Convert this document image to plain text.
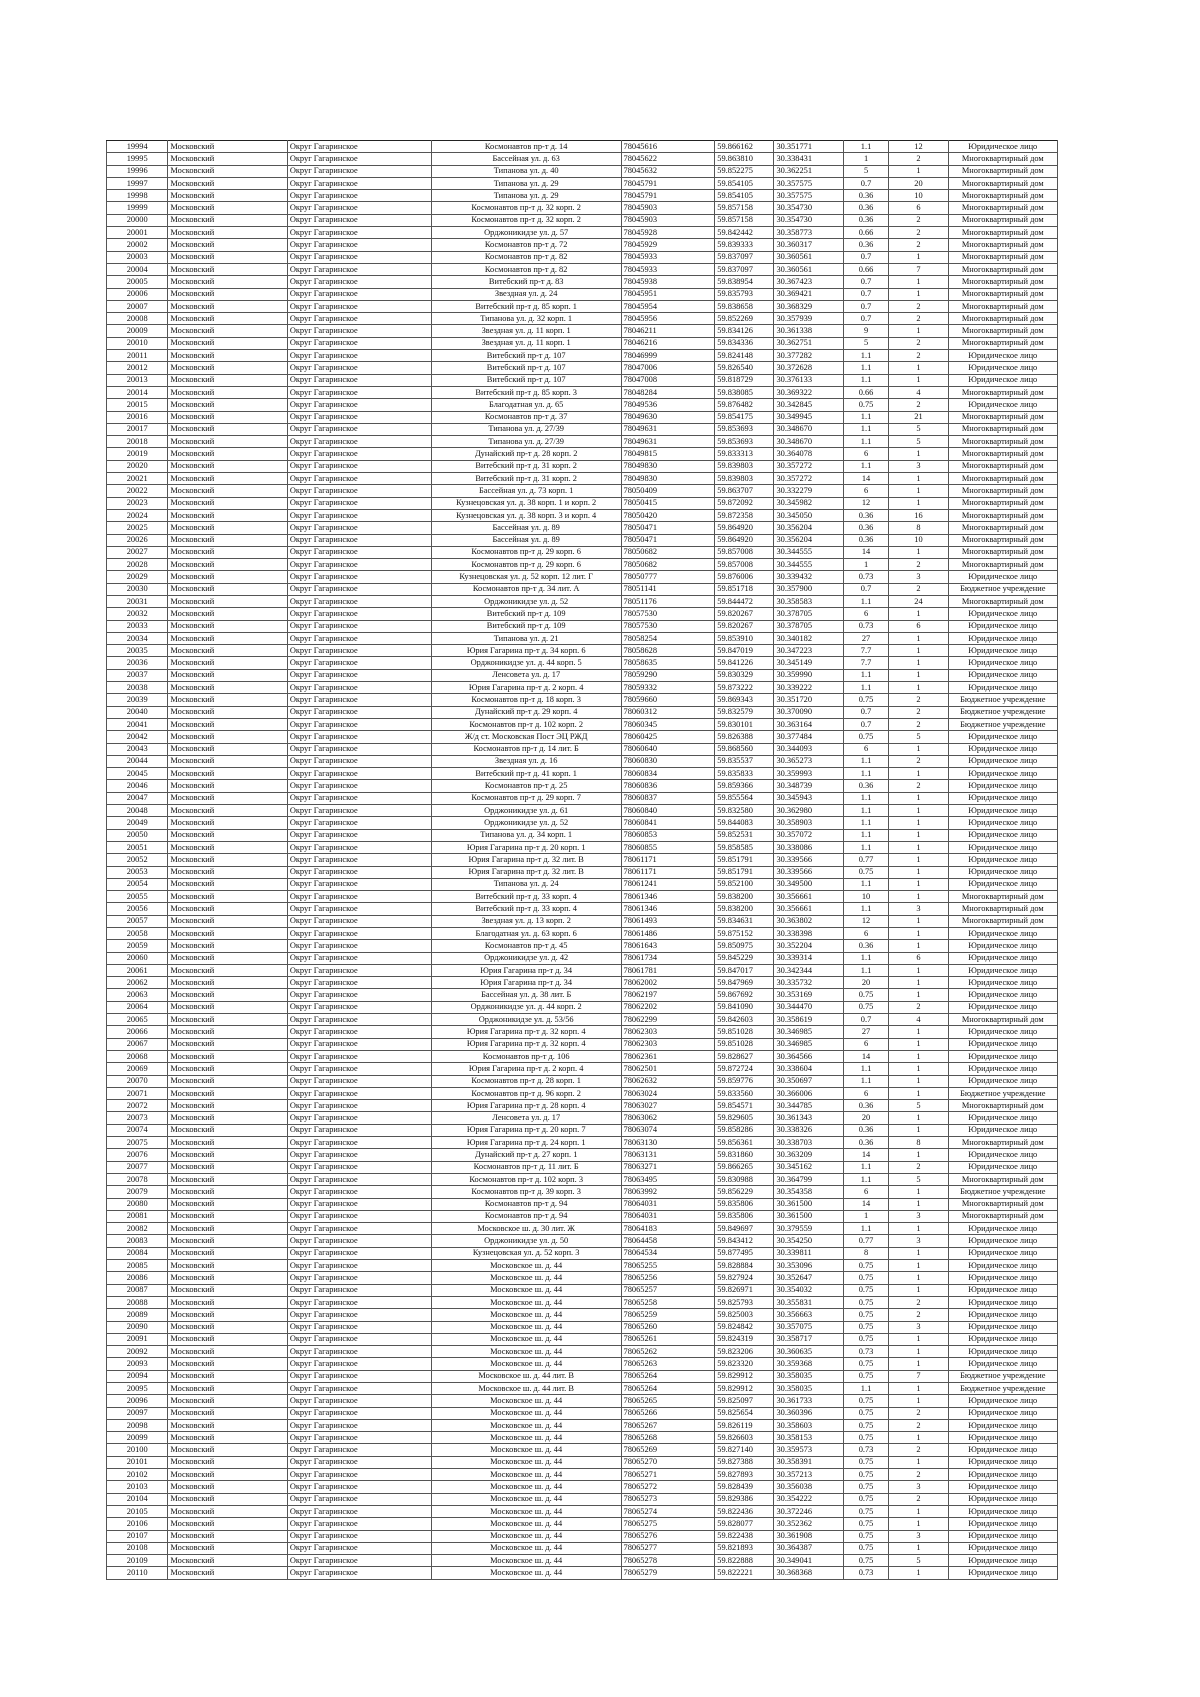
19994	Московский	Округ Гагаринское	Космонавтов пр-т д. 14	78045616	59.866162	30.351771	1.1	12	Юридическое лицо
19995	Московский	Округ Гагаринское	Бассейная ул. д. 63	78045622	59.863810	30.338431	1	2	Многоквартирный дом
19996	Московский	Округ Гагаринское	Типанова ул. д. 40	78045632	59.852275	30.362251	5	1	Многоквартирный дом
19997	Московский	Округ Гагаринское	Типанова ул. д. 29	78045791	59.854105	30.357575	0.7	20	Многоквартирный дом
19998	Московский	Округ Гагаринское	Типанова ул. д. 29	78045791	59.854105	30.357575	0.36	10	Многоквартирный дом
19999	Московский	Округ Гагаринское	Космонавтов пр-т д. 32 корп. 2	78045903	59.857158	30.354730	0.36	6	Многоквартирный дом
20000	Московский	Округ Гагаринское	Космонавтов пр-т д. 32 корп. 2	78045903	59.857158	30.354730	0.36	2	Многоквартирный дом
20001	Московский	Округ Гагаринское	Орджоникидзе ул. д. 57	78045928	59.842442	30.358773	0.66	2	Многоквартирный дом
20002	Московский	Округ Гагаринское	Космонавтов пр-т д. 72	78045929	59.839333	30.360317	0.36	2	Многоквартирный дом
20003	Московский	Округ Гагаринское	Космонавтов пр-т д. 82	78045933	59.837097	30.360561	0.7	1	Многоквартирный дом
20004	Московский	Округ Гагаринское	Космонавтов пр-т д. 82	78045933	59.837097	30.360561	0.66	7	Многоквартирный дом
20005	Московский	Округ Гагаринское	Витебский пр-т д. 83	78045938	59.838954	30.367423	0.7	1	Многоквартирный дом
20006	Московский	Округ Гагаринское	Звездная ул. д. 24	78045951	59.835793	30.369421	0.7	1	Многоквартирный дом
20007	Московский	Округ Гагаринское	Витебский пр-т д. 85 корп. 1	78045954	59.838658	30.368329	0.7	2	Многоквартирный дом
20008	Московский	Округ Гагаринское	Типанова ул. д. 32 корп. 1	78045956	59.852269	30.357939	0.7	2	Многоквартирный дом
20009	Московский	Округ Гагаринское	Звездная ул. д. 11 корп. 1	78046211	59.834126	30.361338	9	1	Многоквартирный дом
20010	Московский	Округ Гагаринское	Звездная ул. д. 11 корп. 1	78046216	59.834336	30.362751	5	2	Многоквартирный дом
20011	Московский	Округ Гагаринское	Витебский пр-т д. 107	78046999	59.824148	30.377282	1.1	2	Юридическое лицо
20012	Московский	Округ Гагаринское	Витебский пр-т д. 107	78047006	59.826540	30.372628	1.1	1	Юридическое лицо
20013	Московский	Округ Гагаринское	Витебский пр-т д. 107	78047008	59.818729	30.376133	1.1	1	Юридическое лицо
20014	Московский	Округ Гагаринское	Витебский пр-т д. 85 корп. 3	78048284	59.838085	30.369322	0.66	4	Многоквартирный дом
20015	Московский	Округ Гагаринское	Благодатная ул. д. 65	78049536	59.876482	30.342845	0.75	2	Юридическое лицо
20016	Московский	Округ Гагаринское	Космонавтов пр-т д. 37	78049630	59.854175	30.349945	1.1	21	Многоквартирный дом
20017	Московский	Округ Гагаринское	Типанова ул. д. 27/39	78049631	59.853693	30.348670	1.1	5	Многоквартирный дом
20018	Московский	Округ Гагаринское	Типанова ул. д. 27/39	78049631	59.853693	30.348670	1.1	5	Многоквартирный дом
20019	Московский	Округ Гагаринское	Дунайский пр-т д. 28 корп. 2	78049815	59.833313	30.364078	6	1	Многоквартирный дом
20020	Московский	Округ Гагаринское	Витебский пр-т д. 31 корп. 2	78049830	59.839803	30.357272	1.1	3	Многоквартирный дом
20021	Московский	Округ Гагаринское	Витебский пр-т д. 31 корп. 2	78049830	59.839803	30.357272	14	1	Многоквартирный дом
20022	Московский	Округ Гагаринское	Бассейная ул. д. 73 корп. 1	78050409	59.863707	30.332279	6	1	Многоквартирный дом
20023	Московский	Округ Гагаринское	Кузнецовская ул. д. 38 корп. 1 и корп. 2	78050415	59.872092	30.345982	12	1	Многоквартирный дом
20024	Московский	Округ Гагаринское	Кузнецовская ул. д. 38 корп. 3 и корп. 4	78050420	59.872358	30.345050	0.36	16	Многоквартирный дом
20025	Московский	Округ Гагаринское	Бассейная ул. д. 89	78050471	59.864920	30.356204	0.36	8	Многоквартирный дом
20026	Московский	Округ Гагаринское	Бассейная ул. д. 89	78050471	59.864920	30.356204	0.36	10	Многоквартирный дом
20027	Московский	Округ Гагаринское	Космонавтов пр-т д. 29 корп. 6	78050682	59.857008	30.344555	14	1	Многоквартирный дом
20028	Московский	Округ Гагаринское	Космонавтов пр-т д. 29 корп. 6	78050682	59.857008	30.344555	1	2	Многоквартирный дом
20029	Московский	Округ Гагаринское	Кузнецовская ул. д. 52 корп. 12 лит. Г	78050777	59.876006	30.339432	0.73	3	Юридическое лицо
20030	Московский	Округ Гагаринское	Космонавтов пр-т д. 34 лит. А	78051141	59.851718	30.357900	0.7	2	Бюджетное учреждение
20031	Московский	Округ Гагаринское	Орджоникидзе ул. д. 52	78051176	59.844472	30.358583	1.1	24	Многоквартирный дом
20032	Московский	Округ Гагаринское	Витебский пр-т д. 109	78057530	59.820267	30.378705	6	1	Юридическое лицо
20033	Московский	Округ Гагаринское	Витебский пр-т д. 109	78057530	59.820267	30.378705	0.73	6	Юридическое лицо
20034	Московский	Округ Гагаринское	Типанова ул. д. 21	78058254	59.853910	30.340182	27	1	Юридическое лицо
20035	Московский	Округ Гагаринское	Юрия Гагарина пр-т д. 34 корп. 6	78058628	59.847019	30.347223	7.7	1	Юридическое лицо
20036	Московский	Округ Гагаринское	Орджоникидзе ул. д. 44 корп. 5	78058635	59.841226	30.345149	7.7	1	Юридическое лицо
20037	Московский	Округ Гагаринское	Ленсовета ул. д. 17	78059290	59.830329	30.359990	1.1	1	Юридическое лицо
20038	Московский	Округ Гагаринское	Юрия Гагарина пр-т д. 2 корп. 4	78059332	59.873222	30.339222	1.1	1	Юридическое лицо
20039	Московский	Округ Гагаринское	Космонавтов пр-т д. 18 корп. 3	78059660	59.869343	30.351720	0.75	2	Бюджетное учреждение
20040	Московский	Округ Гагаринское	Дунайский пр-т д. 29 корп. 4	78060312	59.832579	30.370090	0.7	2	Бюджетное учреждение
20041	Московский	Округ Гагаринское	Космонавтов пр-т д. 102 корп. 2	78060345	59.830101	30.363164	0.7	2	Бюджетное учреждение
20042	Московский	Округ Гагаринское	Ж/д ст. Московская Пост ЭЦ РЖД	78060425	59.826388	30.377484	0.75	5	Юридическое лицо
20043	Московский	Округ Гагаринское	Космонавтов пр-т д. 14 лит. Б	78060640	59.868560	30.344093	6	1	Юридическое лицо
20044	Московский	Округ Гагаринское	Звездная ул. д. 16	78060830	59.835537	30.365273	1.1	2	Юридическое лицо
20045	Московский	Округ Гагаринское	Витебский пр-т д. 41 корп. 1	78060834	59.835833	30.359993	1.1	1	Юридическое лицо
20046	Московский	Округ Гагаринское	Космонавтов пр-т д. 25	78060836	59.859366	30.348739	0.36	2	Юридическое лицо
20047	Московский	Округ Гагаринское	Космонавтов пр-т д. 29 корп. 7	78060837	59.855564	30.345943	1.1	1	Юридическое лицо
20048	Московский	Округ Гагаринское	Орджоникидзе ул. д. 61	78060840	59.832580	30.362980	1.1	1	Юридическое лицо
20049	Московский	Округ Гагаринское	Орджоникидзе ул. д. 52	78060841	59.844083	30.358903	1.1	1	Юридическое лицо
20050	Московский	Округ Гагаринское	Типанова ул. д. 34 корп. 1	78060853	59.852531	30.357072	1.1	1	Юридическое лицо
20051	Московский	Округ Гагаринское	Юрия Гагарина пр-т д. 20 корп. 1	78060855	59.858585	30.338086	1.1	1	Юридическое лицо
20052	Московский	Округ Гагаринское	Юрия Гагарина пр-т д. 32 лит. В	78061171	59.851791	30.339566	0.77	1	Юридическое лицо
20053	Московский	Округ Гагаринское	Юрия Гагарина пр-т д. 32 лит. В	78061171	59.851791	30.339566	0.75	1	Юридическое лицо
20054	Московский	Округ Гагаринское	Типанова ул. д. 24	78061241	59.852100	30.349500	1.1	1	Юридическое лицо
20055	Московский	Округ Гагаринское	Витебский пр-т д. 33 корп. 4	78061346	59.838200	30.356661	10	1	Многоквартирный дом
20056	Московский	Округ Гагаринское	Витебский пр-т д. 33 корп. 4	78061346	59.838200	30.356661	1.1	3	Многоквартирный дом
20057	Московский	Округ Гагаринское	Звездная ул. д. 13 корп. 2	78061493	59.834631	30.363802	12	1	Многоквартирный дом
20058	Московский	Округ Гагаринское	Благодатная ул. д. 63 корп. 6	78061486	59.875152	30.338398	6	1	Юридическое лицо
20059	Московский	Округ Гагаринское	Космонавтов пр-т д. 45	78061643	59.850975	30.352204	0.36	1	Юридическое лицо
20060	Московский	Округ Гагаринское	Орджоникидзе ул. д. 42	78061734	59.845229	30.339314	1.1	6	Юридическое лицо
20061	Московский	Округ Гагаринское	Юрия Гагарина пр-т д. 34	78061781	59.847017	30.342344	1.1	1	Юридическое лицо
20062	Московский	Округ Гагаринское	Юрия Гагарина пр-т д. 34	78062002	59.847969	30.335732	20	1	Юридическое лицо
20063	Московский	Округ Гагаринское	Бассейная ул. д. 38 лит. Б	78062197	59.867692	30.353169	0.75	1	Юридическое лицо
20064	Московский	Округ Гагаринское	Орджоникидзе ул. д. 44 корп. 2	78062202	59.841090	30.344470	0.75	2	Юридическое лицо
20065	Московский	Округ Гагаринское	Орджоникидзе ул. д. 53/56	78062299	59.842603	30.358619	0.7	4	Многоквартирный дом
20066	Московский	Округ Гагаринское	Юрия Гагарина пр-т д. 32 корп. 4	78062303	59.851028	30.346985	27	1	Юридическое лицо
20067	Московский	Округ Гагаринское	Юрия Гагарина пр-т д. 32 корп. 4	78062303	59.851028	30.346985	6	1	Юридическое лицо
20068	Московский	Округ Гагаринское	Космонавтов пр-т д. 106	78062361	59.828627	30.364566	14	1	Юридическое лицо
20069	Московский	Округ Гагаринское	Юрия Гагарина пр-т д. 2 корп. 4	78062501	59.872724	30.338604	1.1	1	Юридическое лицо
20070	Московский	Округ Гагаринское	Космонавтов пр-т д. 28 корп. 1	78062632	59.859776	30.350697	1.1	1	Юридическое лицо
20071	Московский	Округ Гагаринское	Космонавтов пр-т д. 96 корп. 2	78063024	59.833560	30.366006	6	1	Бюджетное учреждение
20072	Московский	Округ Гагаринское	Юрия Гагарина пр-т д. 28 корп. 4	78063027	59.854571	30.344785	0.36	5	Многоквартирный дом
20073	Московский	Округ Гагаринское	Ленсовета ул. д. 17	78063062	59.829605	30.361343	20	1	Юридическое лицо
20074	Московский	Округ Гагаринское	Юрия Гагарина пр-т д. 20 корп. 7	78063074	59.858286	30.338326	0.36	1	Юридическое лицо
20075	Московский	Округ Гагаринское	Юрия Гагарина пр-т д. 24 корп. 1	78063130	59.856361	30.338703	0.36	8	Многоквартирный дом
20076	Московский	Округ Гагаринское	Дунайский пр-т д. 27 корп. 1	78063131	59.831860	30.363209	14	1	Юридическое лицо
20077	Московский	Округ Гагаринское	Космонавтов пр-т д. 11 лит. Б	78063271	59.866265	30.345162	1.1	2	Юридическое лицо
20078	Московский	Округ Гагаринское	Космонавтов пр-т д. 102 корп. 3	78063495	59.830988	30.364799	1.1	5	Многоквартирный дом
20079	Московский	Округ Гагаринское	Космонавтов пр-т д. 39 корп. 3	78063992	59.856229	30.354358	6	1	Бюджетное учреждение
20080	Московский	Округ Гагаринское	Космонавтов пр-т д. 94	78064031	59.835806	30.361500	14	1	Многоквартирный дом
20081	Московский	Округ Гагаринское	Космонавтов пр-т д. 94	78064031	59.835806	30.361500	1	3	Многоквартирный дом
20082	Московский	Округ Гагаринское	Московское ш. д. 30 лит. Ж	78064183	59.849697	30.379559	1.1	1	Юридическое лицо
20083	Московский	Округ Гагаринское	Орджоникидзе ул. д. 50	78064458	59.843412	30.354250	0.77	3	Юридическое лицо
20084	Московский	Округ Гагаринское	Кузнецовская ул. д. 52 корп. 3	78064534	59.877495	30.339811	8	1	Юридическое лицо
20085	Московский	Округ Гагаринское	Московское ш. д. 44	78065255	59.828884	30.353096	0.75	1	Юридическое лицо
20086	Московский	Округ Гагаринское	Московское ш. д. 44	78065256	59.827924	30.352647	0.75	1	Юридическое лицо
20087	Московский	Округ Гагаринское	Московское ш. д. 44	78065257	59.826971	30.354032	0.75	1	Юридическое лицо
20088	Московский	Округ Гагаринское	Московское ш. д. 44	78065258	59.825793	30.355831	0.75	2	Юридическое лицо
20089	Московский	Округ Гагаринское	Московское ш. д. 44	78065259	59.825003	30.356663	0.75	2	Юридическое лицо
20090	Московский	Округ Гагаринское	Московское ш. д. 44	78065260	59.824842	30.357075	0.75	3	Юридическое лицо
20091	Московский	Округ Гагаринское	Московское ш. д. 44	78065261	59.824319	30.358717	0.75	1	Юридическое лицо
20092	Московский	Округ Гагаринское	Московское ш. д. 44	78065262	59.823206	30.360635	0.73	1	Юридическое лицо
20093	Московский	Округ Гагаринское	Московское ш. д. 44	78065263	59.823320	30.359368	0.75	1	Юридическое лицо
20094	Московский	Округ Гагаринское	Московское ш. д. 44 лит. В	78065264	59.829912	30.358035	0.75	7	Бюджетное учреждение
20095	Московский	Округ Гагаринское	Московское ш. д. 44 лит. В	78065264	59.829912	30.358035	1.1	1	Бюджетное учреждение
20096	Московский	Округ Гагаринское	Московское ш. д. 44	78065265	59.825097	30.361733	0.75	1	Юридическое лицо
20097	Московский	Округ Гагаринское	Московское ш. д. 44	78065266	59.825654	30.360396	0.75	2	Юридическое лицо
20098	Московский	Округ Гагаринское	Московское ш. д. 44	78065267	59.826119	30.358603	0.75	2	Юридическое лицо
20099	Московский	Округ Гагаринское	Московское ш. д. 44	78065268	59.826603	30.358153	0.75	1	Юридическое лицо
20100	Московский	Округ Гагаринское	Московское ш. д. 44	78065269	59.827140	30.359573	0.73	2	Юридическое лицо
20101	Московский	Округ Гагаринское	Московское ш. д. 44	78065270	59.827388	30.358391	0.75	1	Юридическое лицо
20102	Московский	Округ Гагаринское	Московское ш. д. 44	78065271	59.827893	30.357213	0.75	2	Юридическое лицо
20103	Московский	Округ Гагаринское	Московское ш. д. 44	78065272	59.828439	30.356038	0.75	3	Юридическое лицо
20104	Московский	Округ Гагаринское	Московское ш. д. 44	78065273	59.829386	30.354222	0.75	2	Юридическое лицо
20105	Московский	Округ Гагаринское	Московское ш. д. 44	78065274	59.822436	30.372246	0.75	1	Юридическое лицо
20106	Московский	Округ Гагаринское	Московское ш. д. 44	78065275	59.828077	30.352362	0.75	1	Юридическое лицо
20107	Московский	Округ Гагаринское	Московское ш. д. 44	78065276	59.822438	30.361908	0.75	3	Юридическое лицо
20108	Московский	Округ Гагаринское	Московское ш. д. 44	78065277	59.821893	30.364387	0.75	1	Юридическое лицо
20109	Московский	Округ Гагаринское	Московское ш. д. 44	78065278	59.822888	30.349041	0.75	5	Юридическое лицо
20110	Московский	Округ Гагаринское	Московское ш. д. 44	78065279	59.822221	30.368368	0.73	1	Юридическое лицо
